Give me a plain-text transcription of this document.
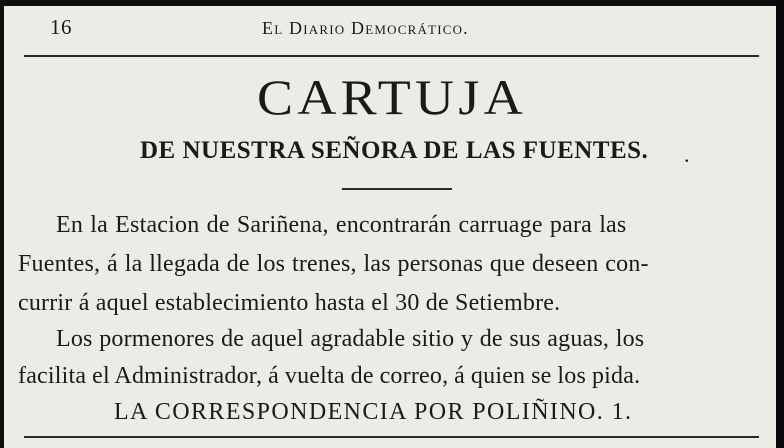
16	El Diario Democrático.
CARTUJA
DE NUESTRA SEÑORA DE LAS FUENTES. .
En la Estacion de Sariñena, encontrarán carruage para las
Fuentes, á la llegada de los trenes, las personas que deseen con-
currir á aquel establecimiento hasta el 30 de Setiembre.
Los pormenores de aquel agradable sitio y de sus aguas, los
facilita el Administrador, á vuelta de correo, á quien se los pida.
LA CORRESPONDENCIA POR POLIÑINO. 1.
